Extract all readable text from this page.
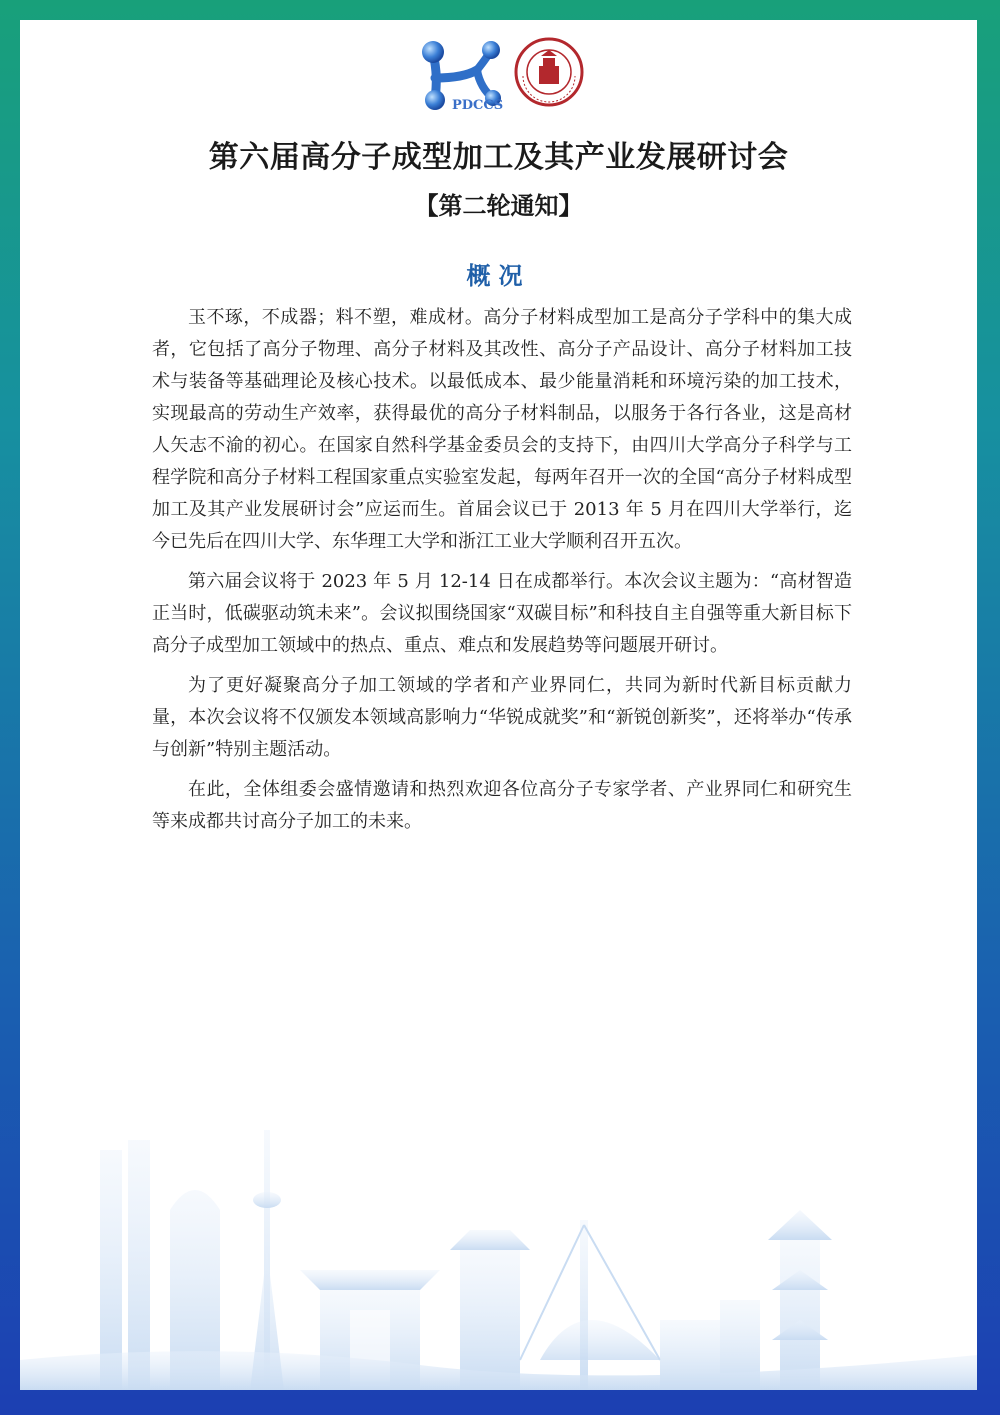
PDCCS
第六届高分子成型加工及其产业发展研讨会
【第二轮通知】
概况

玉不琢，不成器；料不塑，难成材。高分子材料成型加工是高分子学科中的集大成者，它包括了高分子物理、高分子材料及其改性、高分子产品设计、高分子材料加工技术与装备等基础理论及核心技术。以最低成本、最少能量消耗和环境污染的加工技术，实现最高的劳动生产效率，获得最优的高分子材料制品，以服务于各行各业，这是高材人矢志不渝的初心。在国家自然科学基金委员会的支持下，由四川大学高分子科学与工程学院和高分子材料工程国家重点实验室发起，每两年召开一次的全国“高分子材料成型加工及其产业发展研讨会”应运而生。首届会议已于 2013 年 5 月在四川大学举行，迄今已先后在四川大学、东华理工大学和浙江工业大学顺利召开五次。

第六届会议将于 2023 年 5 月 12-14 日在成都举行。本次会议主题为：“高材智造正当时，低碳驱动筑未来”。会议拟围绕国家“双碳目标”和科技自主自强等重大新目标下高分子成型加工领域中的热点、重点、难点和发展趋势等问题展开研讨。

为了更好凝聚高分子加工领域的学者和产业界同仁，共同为新时代新目标贡献力量，本次会议将不仅颁发本领域高影响力“华锐成就奖”和“新锐创新奖”，还将举办“传承与创新”特别主题活动。

在此，全体组委会盛情邀请和热烈欢迎各位高分子专家学者、产业界同仁和研究生等来成都共讨高分子加工的未来。
